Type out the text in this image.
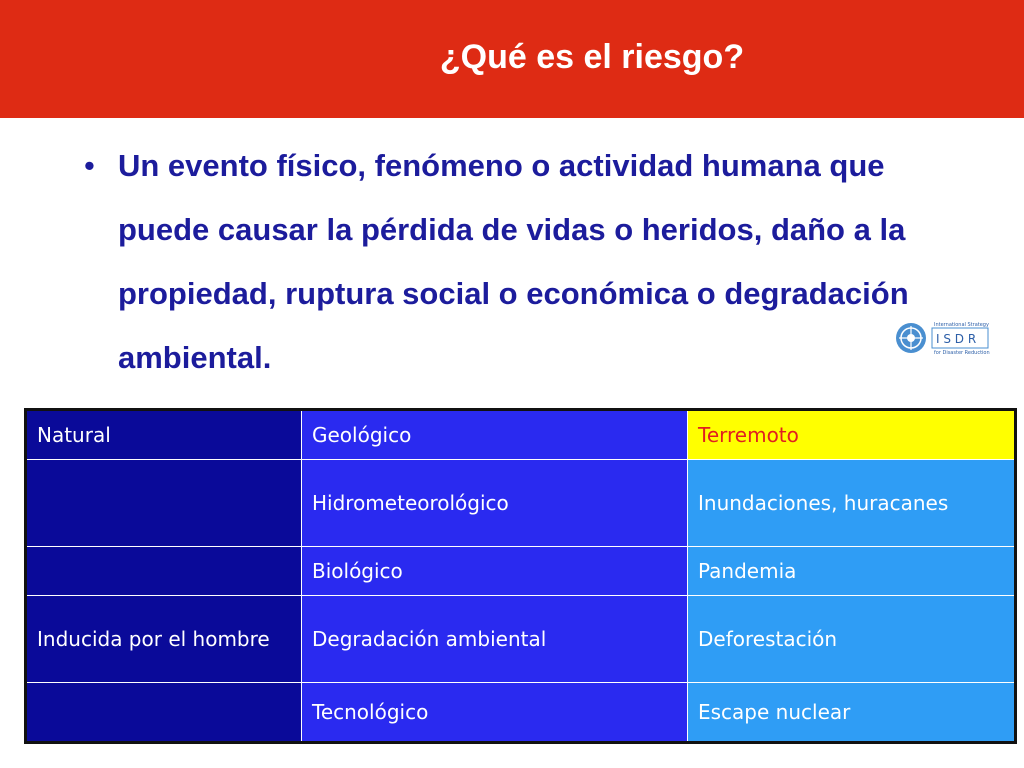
¿Qué es el riesgo?
• Un evento físico, fenómeno o actividad humana que puede causar la pérdida de vidas o heridos, daño a la propiedad, ruptura social o económica o degradación ambiental.
International Strategy
I S D R
for Disaster Reduction
Natural	Geológico	Terremoto
	Hidrometeorológico	Inundaciones, huracanes
	Biológico	Pandemia
Inducida por el hombre	Degradación ambiental	Deforestación
	Tecnológico	Escape nuclear
